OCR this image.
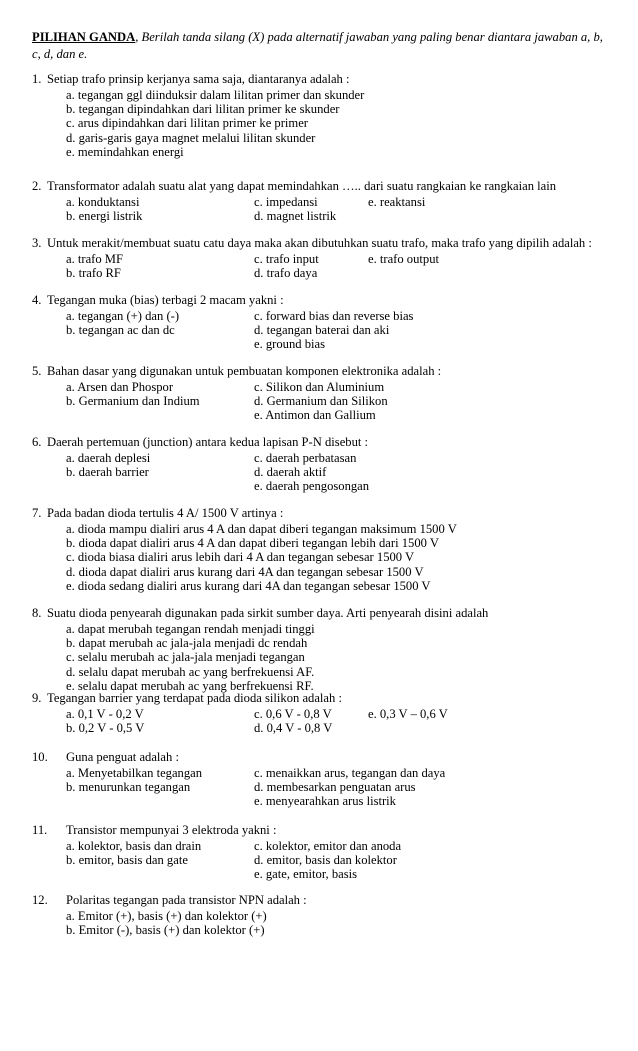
PILIHAN GANDA, Berilah tanda silang (X) pada alternatif jawaban yang paling benar diantara jawaban a, b, c, d, dan e.
1. Setiap trafo prinsip kerjanya sama saja, diantaranya adalah :
a. tegangan ggl diinduksir dalam lilitan primer dan skunder
b. tegangan dipindahkan dari lilitan primer ke skunder
c. arus dipindahkan dari lilitan primer ke primer
d. garis-garis gaya magnet melalui lilitan skunder
e. memindahkan energi
2. Transformator adalah suatu alat yang dapat memindahkan ….. dari suatu rangkaian ke rangkaian lain
a. konduktansi	c. impedansi	e. reaktansi
b. energi listrik	d. magnet listrik
3. Untuk merakit/membuat suatu catu daya maka akan dibutuhkan suatu trafo, maka trafo yang dipilih adalah :
a. trafo MF	c. trafo input	e. trafo output
b. trafo RF	d. trafo daya
4. Tegangan muka (bias) terbagi 2 macam yakni :
a. tegangan (+) dan (-)	c. forward bias dan reverse bias
b. tegangan ac dan dc	d. tegangan baterai dan aki
e. ground bias
5. Bahan dasar yang digunakan untuk pembuatan komponen elektronika adalah :
a. Arsen dan Phospor	c. Silikon dan Aluminium
b. Germanium dan Indium	d. Germanium dan Silikon
e. Antimon dan Gallium
6. Daerah pertemuan (junction) antara kedua lapisan P-N disebut :
a. daerah deplesi	c. daerah perbatasan
b. daerah barrier	d. daerah aktif
e. daerah pengosongan
7. Pada badan dioda tertulis 4 A/ 1500 V artinya :
a. dioda mampu dialiri arus 4 A dan dapat diberi tegangan maksimum 1500 V
b. dioda dapat dialiri arus 4 A dan dapat diberi tegangan lebih dari 1500 V
c. dioda biasa dialiri arus lebih dari 4 A dan tegangan sebesar 1500 V
d. dioda dapat dialiri arus kurang dari 4A dan tegangan sebesar 1500 V
e. dioda sedang dialiri arus kurang dari 4A dan tegangan sebesar 1500 V
8. Suatu dioda penyearah digunakan pada sirkit sumber daya. Arti penyearah disini adalah
a. dapat merubah tegangan rendah menjadi tinggi
b. dapat merubah ac jala-jala menjadi dc rendah
c. selalu merubah ac jala-jala menjadi tegangan
d. selalu dapat merubah ac yang berfrekuensi AF.
e. selalu dapat merubah ac yang berfrekuensi RF.
9. Tegangan barrier yang terdapat pada dioda silikon adalah :
a. 0,1 V - 0,2 V	c. 0,6 V - 0,8 V	e. 0,3 V – 0,6 V
b. 0,2 V - 0,5 V	d. 0,4 V - 0,8 V
10. Guna penguat adalah :
a. Menyetabilkan tegangan	c. menaikkan arus, tegangan dan daya
b. menurunkan tegangan	d. membesarkan penguatan arus
e. menyearahkan arus listrik
11. Transistor mempunyai 3 elektroda yakni :
a. kolektor, basis dan drain	c. kolektor, emitor dan anoda
b. emitor, basis dan gate	d. emitor, basis dan kolektor
e. gate, emitor, basis
12. Polaritas tegangan pada transistor NPN adalah :
a. Emitor (+), basis (+) dan kolektor (+)
b. Emitor (-), basis (+) dan kolektor (+)
